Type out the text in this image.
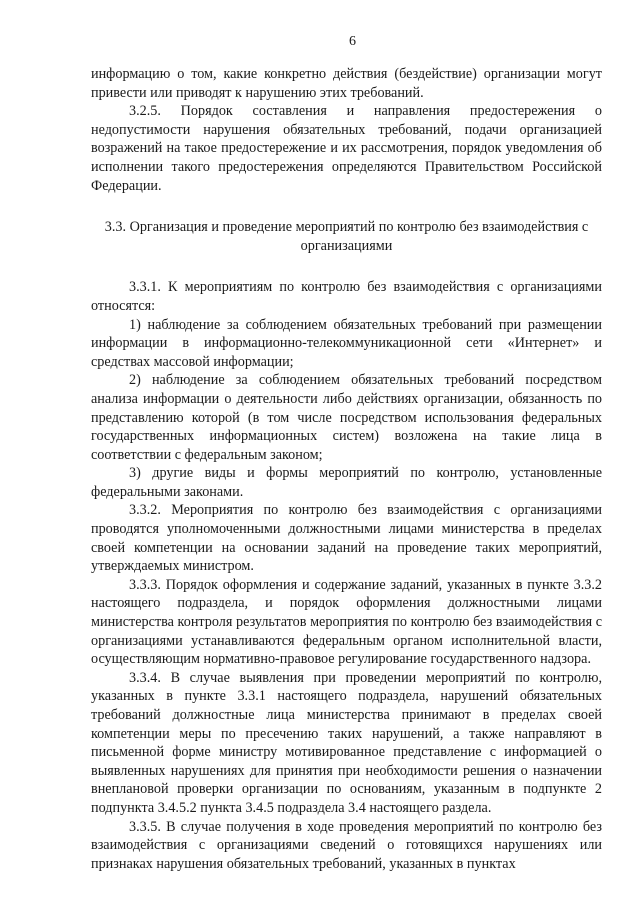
6

информацию о том, какие конкретно действия (бездействие) организации могут привести или приводят к нарушению этих требований.

3.2.5. Порядок составления и направления предостережения о недопустимости нарушения обязательных требований, подачи организацией возражений на такое предостережение и их рассмотрения, порядок уведомления об исполнении такого предостережения определяются Правительством Российской Федерации.

3.3. Организация и проведение мероприятий по контролю без взаимодействия с организациями

3.3.1. К мероприятиям по контролю без взаимодействия с организациями относятся:

1) наблюдение за соблюдением обязательных требований при размещении информации в информационно-телекоммуникационной сети «Интернет» и средствах массовой информации;

2) наблюдение за соблюдением обязательных требований посредством анализа информации о деятельности либо действиях организации, обязанность по представлению которой (в том числе посредством использования федеральных государственных информационных систем) возложена на такие лица в соответствии с федеральным законом;

3) другие виды и формы мероприятий по контролю, установленные федеральными законами.

3.3.2. Мероприятия по контролю без взаимодействия с организациями проводятся уполномоченными должностными лицами министерства в пределах своей компетенции на основании заданий на проведение таких мероприятий, утверждаемых министром.

3.3.3. Порядок оформления и содержание заданий, указанных в пункте 3.3.2 настоящего подраздела, и порядок оформления должностными лицами министерства контроля результатов мероприятия по контролю без взаимодействия с организациями устанавливаются федеральным органом исполнительной власти, осуществляющим нормативно-правовое регулирование государственного надзора.

3.3.4. В случае выявления при проведении мероприятий по контролю, указанных в пункте 3.3.1 настоящего подраздела, нарушений обязательных требований должностные лица министерства принимают в пределах своей компетенции меры по пресечению таких нарушений, а также направляют в письменной форме министру мотивированное представление с информацией о выявленных нарушениях для принятия при необходимости решения о назначении внеплановой проверки организации по основаниям, указанным в подпункте 2 подпункта 3.4.5.2 пункта 3.4.5 подраздела 3.4 настоящего раздела.

3.3.5. В случае получения в ходе проведения мероприятий по контролю без взаимодействия с организациями сведений о готовящихся нарушениях или признаках нарушения обязательных требований, указанных в пунктах
